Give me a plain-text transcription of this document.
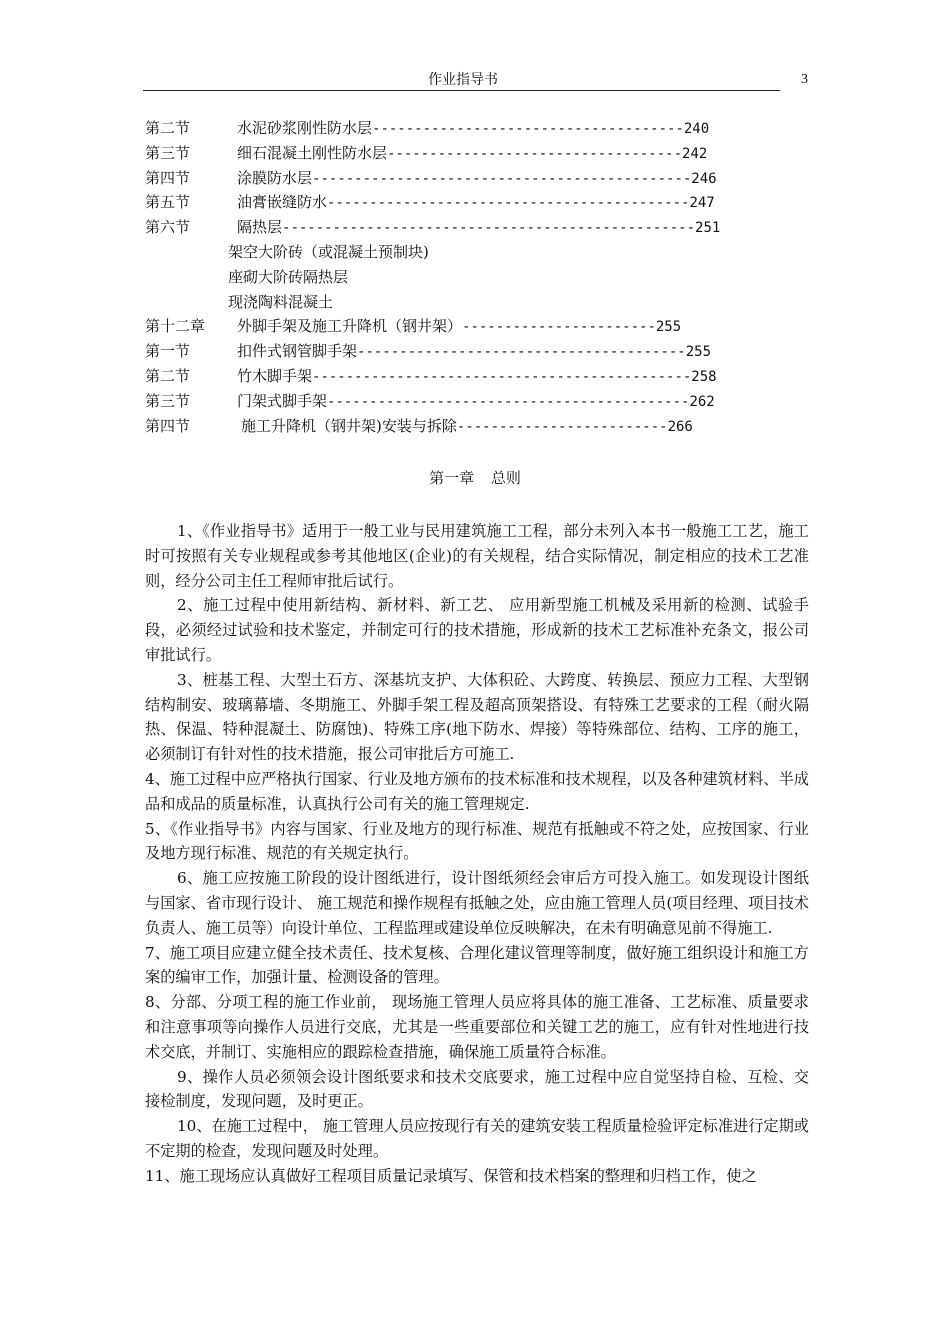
作业指导书	3
第二节	水泥砂浆刚性防水层-------------------------------------240
第三节	细石混凝土刚性防水层-----------------------------------242
第四节	涂膜防水层---------------------------------------------246
第五节	油膏嵌缝防水-------------------------------------------247
第六节	隔热层-------------------------------------------------251
架空大阶砖（或混凝土预制块)
座砌大阶砖隔热层
现浇陶料混凝土
第十二章 外脚手架及施工升降机（钢井架）-----------------------255
第一节	扣件式钢管脚手架---------------------------------------255
第二节	竹木脚手架---------------------------------------------258
第三节	门架式脚手架-------------------------------------------262
第四节	施工升降机（钢井架)安装与拆除-------------------------266
第一章 总则

1、《作业指导书》适用于一般工业与民用建筑施工工程，部分未列入本书一般施工工艺，施工时可按照有关专业规程或参考其他地区(企业)的有关规程，结合实际情况，制定相应的技术工艺准则，经分公司主任工程师审批后试行。

2、施工过程中使用新结构、新材料、新工艺、 应用新型施工机械及采用新的检测、试验手段，必须经过试验和技术鉴定，并制定可行的技术措施，形成新的技术工艺标准补充条文，报公司审批试行。

3、桩基工程、大型土石方、深基坑支护、大体积砼、大跨度、转换层、预应力工程、大型钢结构制安、玻璃幕墙、冬期施工、外脚手架工程及超高顶架搭设、有特殊工艺要求的工程（耐火隔热、保温、特种混凝土、防腐蚀)、特殊工序(地下防水、焊接）等特殊部位、结构、工序的施工，必须制订有针对性的技术措施，报公司审批后方可施工.

4、施工过程中应严格执行国家、行业及地方颁布的技术标准和技术规程，以及各种建筑材料、半成品和成品的质量标准，认真执行公司有关的施工管理规定.

5、《作业指导书》内容与国家、行业及地方的现行标准、规范有抵触或不符之处，应按国家、行业及地方现行标准、规范的有关规定执行。

6、施工应按施工阶段的设计图纸进行，设计图纸须经会审后方可投入施工。如发现设计图纸与国家、省市现行设计、 施工规范和操作规程有抵触之处，应由施工管理人员(项目经理、项目技术负责人、施工员等）向设计单位、工程监理或建设单位反映解决，在未有明确意见前不得施工.

7、施工项目应建立健全技术责任、技术复核、合理化建议管理等制度，做好施工组织设计和施工方案的编审工作，加强计量、检测设备的管理。

8、分部、分项工程的施工作业前， 现场施工管理人员应将具体的施工准备、工艺标准、质量要求和注意事项等向操作人员进行交底，尤其是一些重要部位和关键工艺的施工，应有针对性地进行技术交底，并制订、实施相应的跟踪检查措施，确保施工质量符合标准。

9、操作人员必须领会设计图纸要求和技术交底要求，施工过程中应自觉坚持自检、互检、交接检制度，发现问题，及时更正。

10、在施工过程中， 施工管理人员应按现行有关的建筑安装工程质量检验评定标准进行定期或不定期的检查，发现问题及时处理。

11、施工现场应认真做好工程项目质量记录填写、保管和技术档案的整理和归档工作，使之
